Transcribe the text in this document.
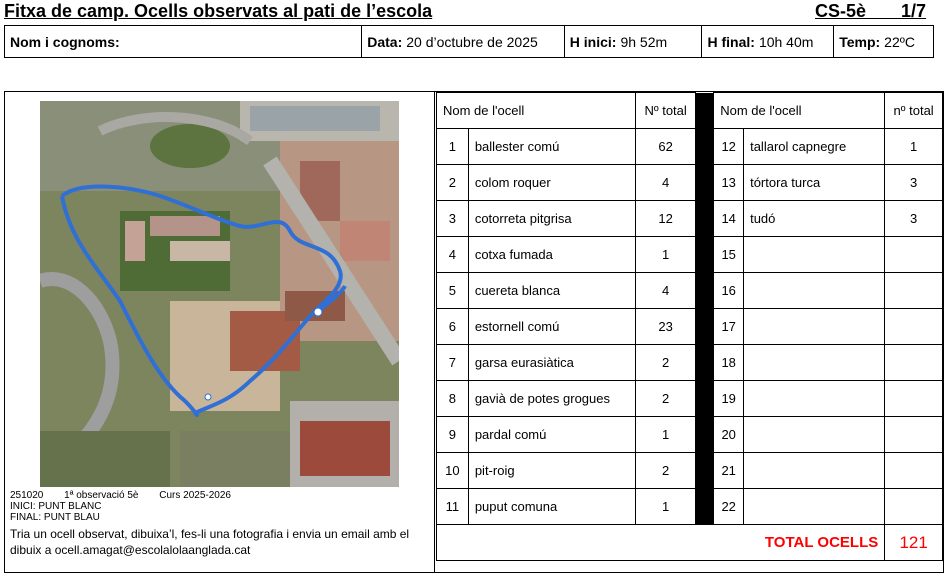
Fitxa de camp. Ocells observats al pati de l’escola	CS-5è       1/7
Nom i cognoms:	Data: 20 d’octubre de 2025 H inici: 9h 52m	H final: 10h 40m Temp: 22ºC
251020 1ª observació 5è Curs 2025-2026
INICI: PUNT BLANC
FINAL: PUNT BLAU
Tria un ocell observat, dibuixa’l, fes-li una fotografia i envia un email amb el dibuix a ocell.amagat@escolalolaanglada.cat
Nom de l'ocell		Nº total		Nom de l'ocell		nº total
1	ballester comú	62		12	tallarol capnegre	1
2	colom roquer	4		13	tórtora turca	3
3	cotorreta pitgrisa	12		14	tudó	3
4	cotxa fumada	1		15		
5	cuereta blanca	4		16		
6	estornell comú	23		17		
7	garsa eurasiàtica	2		18		
8	gavià de potes grogues	2		19		
9	pardal comú	1		20		
10	pit-roig	2		21		
11	puput comuna	1		22		
TOTAL OCELLS						121
